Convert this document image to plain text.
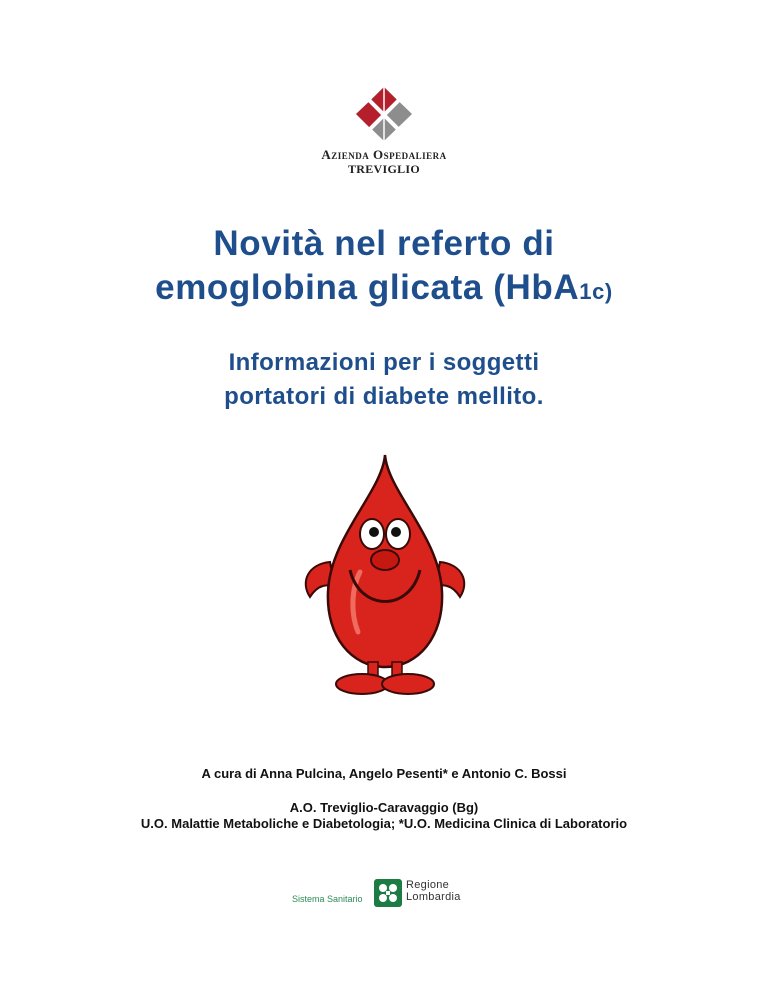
Azienda Ospedaliera
TREVIGLIO
Novità nel referto di
emoglobina glicata (HbA1c)
Informazioni per i soggetti
portatori di diabete mellito.
A cura di Anna Pulcina, Angelo Pesenti* e Antonio C. Bossi
A.O. Treviglio-Caravaggio (Bg)
U.O. Malattie Metaboliche e Diabetologia; *U.O. Medicina Clinica di Laboratorio
Sistema Sanitario
Regione
Lombardia
